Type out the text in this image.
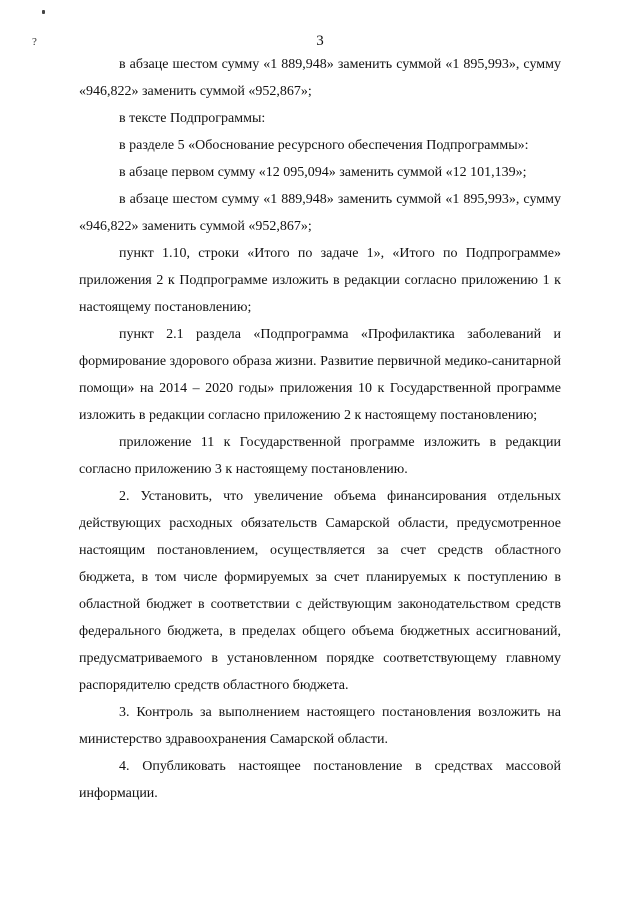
?	3

в абзаце шестом сумму «1 889,948» заменить суммой «1 895,993», сумму «946,822» заменить суммой «952,867»;

в тексте Подпрограммы:

в разделе 5 «Обоснование ресурсного обеспечения Подпрограммы»:

в абзаце первом сумму «12 095,094» заменить суммой «12 101,139»;

в абзаце шестом сумму «1 889,948» заменить суммой «1 895,993», сумму «946,822» заменить суммой «952,867»;

пункт 1.10, строки «Итого по задаче 1», «Итого по Подпрограмме» приложения 2 к Подпрограмме изложить в редакции согласно приложению 1 к настоящему постановлению;

пункт 2.1 раздела «Подпрограмма «Профилактика заболеваний и формирование здорового образа жизни. Развитие первичной медико-санитарной помощи» на 2014 – 2020 годы» приложения 10 к Государственной программе изложить в редакции согласно приложению 2 к настоящему постановлению;

приложение 11 к Государственной программе изложить в редакции согласно приложению 3 к настоящему постановлению.

2. Установить, что увеличение объема финансирования отдельных действующих расходных обязательств Самарской области, предусмотренное настоящим постановлением, осуществляется за счет средств областного бюджета, в том числе формируемых за счет планируемых к поступлению в областной бюджет в соответствии с действующим законодательством средств федерального бюджета, в пределах общего объема бюджетных ассигнований, предусматриваемого в установленном порядке соответствующему главному распорядителю средств областного бюджета.

3. Контроль за выполнением настоящего постановления возложить на министерство здравоохранения Самарской области.

4. Опубликовать настоящее постановление в средствах массовой информации.
